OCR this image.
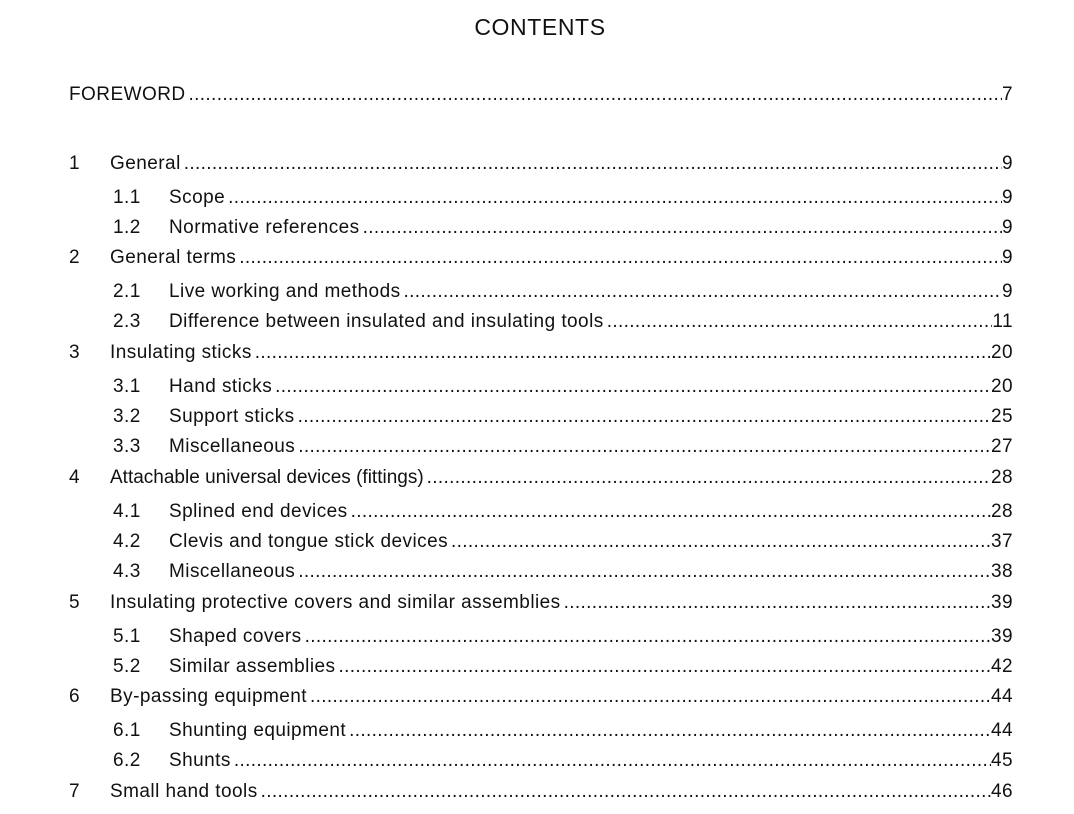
CONTENTS
FOREWORD .....	7
1	General .....	9
1.1	Scope .....	9
1.2	Normative references .....	9
2	General terms .....	9
2.1	Live working and methods .....	9
2.3	Difference between insulated and insulating tools .....	11
3	Insulating sticks .....	20
3.1	Hand sticks .....	20
3.2	Support sticks .....	25
3.3	Miscellaneous .....	27
4	Attachable universal devices (fittings) .....	28
4.1	Splined end devices .....	28
4.2	Clevis and tongue stick devices .....	37
4.3	Miscellaneous .....	38
5	Insulating protective covers and similar assemblies .....	39
5.1	Shaped covers .....	39
5.2	Similar assemblies .....	42
6	By-passing equipment .....	44
6.1	Shunting equipment .....	44
6.2	Shunts .....	45
7	Small hand tools .....	46
